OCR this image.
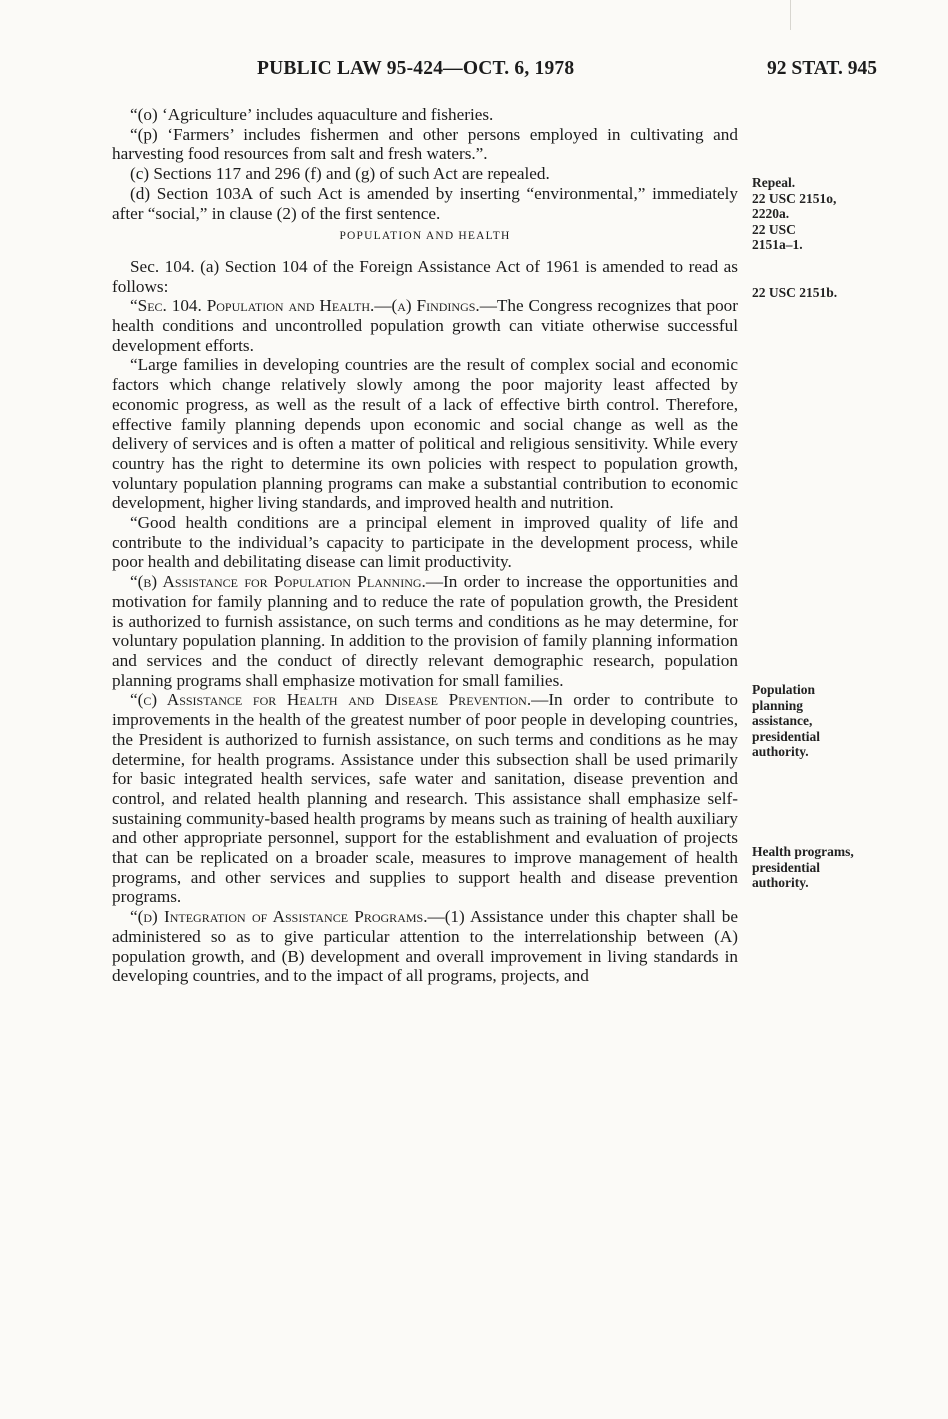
PUBLIC LAW 95-424—OCT. 6, 1978	92 STAT. 945

“(o) ‘Agriculture’ includes aquaculture and fisheries.

“(p) ‘Farmers’ includes fishermen and other persons employed in cultivating and harvesting food resources from salt and fresh waters.”.

(c) Sections 117 and 296 (f) and (g) of such Act are repealed.

(d) Section 103A of such Act is amended by inserting “environmental,” immediately after “social,” in clause (2) of the first sentence.

POPULATION AND HEALTH

Sec. 104. (a) Section 104 of the Foreign Assistance Act of 1961 is amended to read as follows:

“Sec. 104. Population and Health.—(a) Findings.—The Congress recognizes that poor health conditions and uncontrolled population growth can vitiate otherwise successful development efforts.

“Large families in developing countries are the result of complex social and economic factors which change relatively slowly among the poor majority least affected by economic progress, as well as the result of a lack of effective birth control. Therefore, effective family planning depends upon economic and social change as well as the delivery of services and is often a matter of political and religious sensitivity. While every country has the right to determine its own policies with respect to population growth, voluntary population planning programs can make a substantial contribution to economic development, higher living standards, and improved health and nutrition.

“Good health conditions are a principal element in improved quality of life and contribute to the individual’s capacity to participate in the development process, while poor health and debilitating disease can limit productivity.

“(b) Assistance for Population Planning.—In order to increase the opportunities and motivation for family planning and to reduce the rate of population growth, the President is authorized to furnish assistance, on such terms and conditions as he may determine, for voluntary population planning. In addition to the provision of family planning information and services and the conduct of directly relevant demographic research, population planning programs shall emphasize motivation for small families.

“(c) Assistance for Health and Disease Prevention.—In order to contribute to improvements in the health of the greatest number of poor people in developing countries, the President is authorized to furnish assistance, on such terms and conditions as he may determine, for health programs. Assistance under this subsection shall be used primarily for basic integrated health services, safe water and sanitation, disease prevention and control, and related health planning and research. This assistance shall emphasize self-sustaining community-based health programs by means such as training of health auxiliary and other appropriate personnel, support for the establishment and evaluation of projects that can be replicated on a broader scale, measures to improve management of health programs, and other services and supplies to support health and disease prevention programs.

“(d) Integration of Assistance Programs.—(1) Assistance under this chapter shall be administered so as to give particular attention to the interrelationship between (A) population growth, and (B) development and overall improvement in living standards in developing countries, and to the impact of all programs, projects, and

Repeal.
22 USC 2151o,
2220a.
22 USC
2151a–1.
22 USC 2151b.
Population
planning
assistance,
presidential
authority.
Health programs,
presidential
authority.
